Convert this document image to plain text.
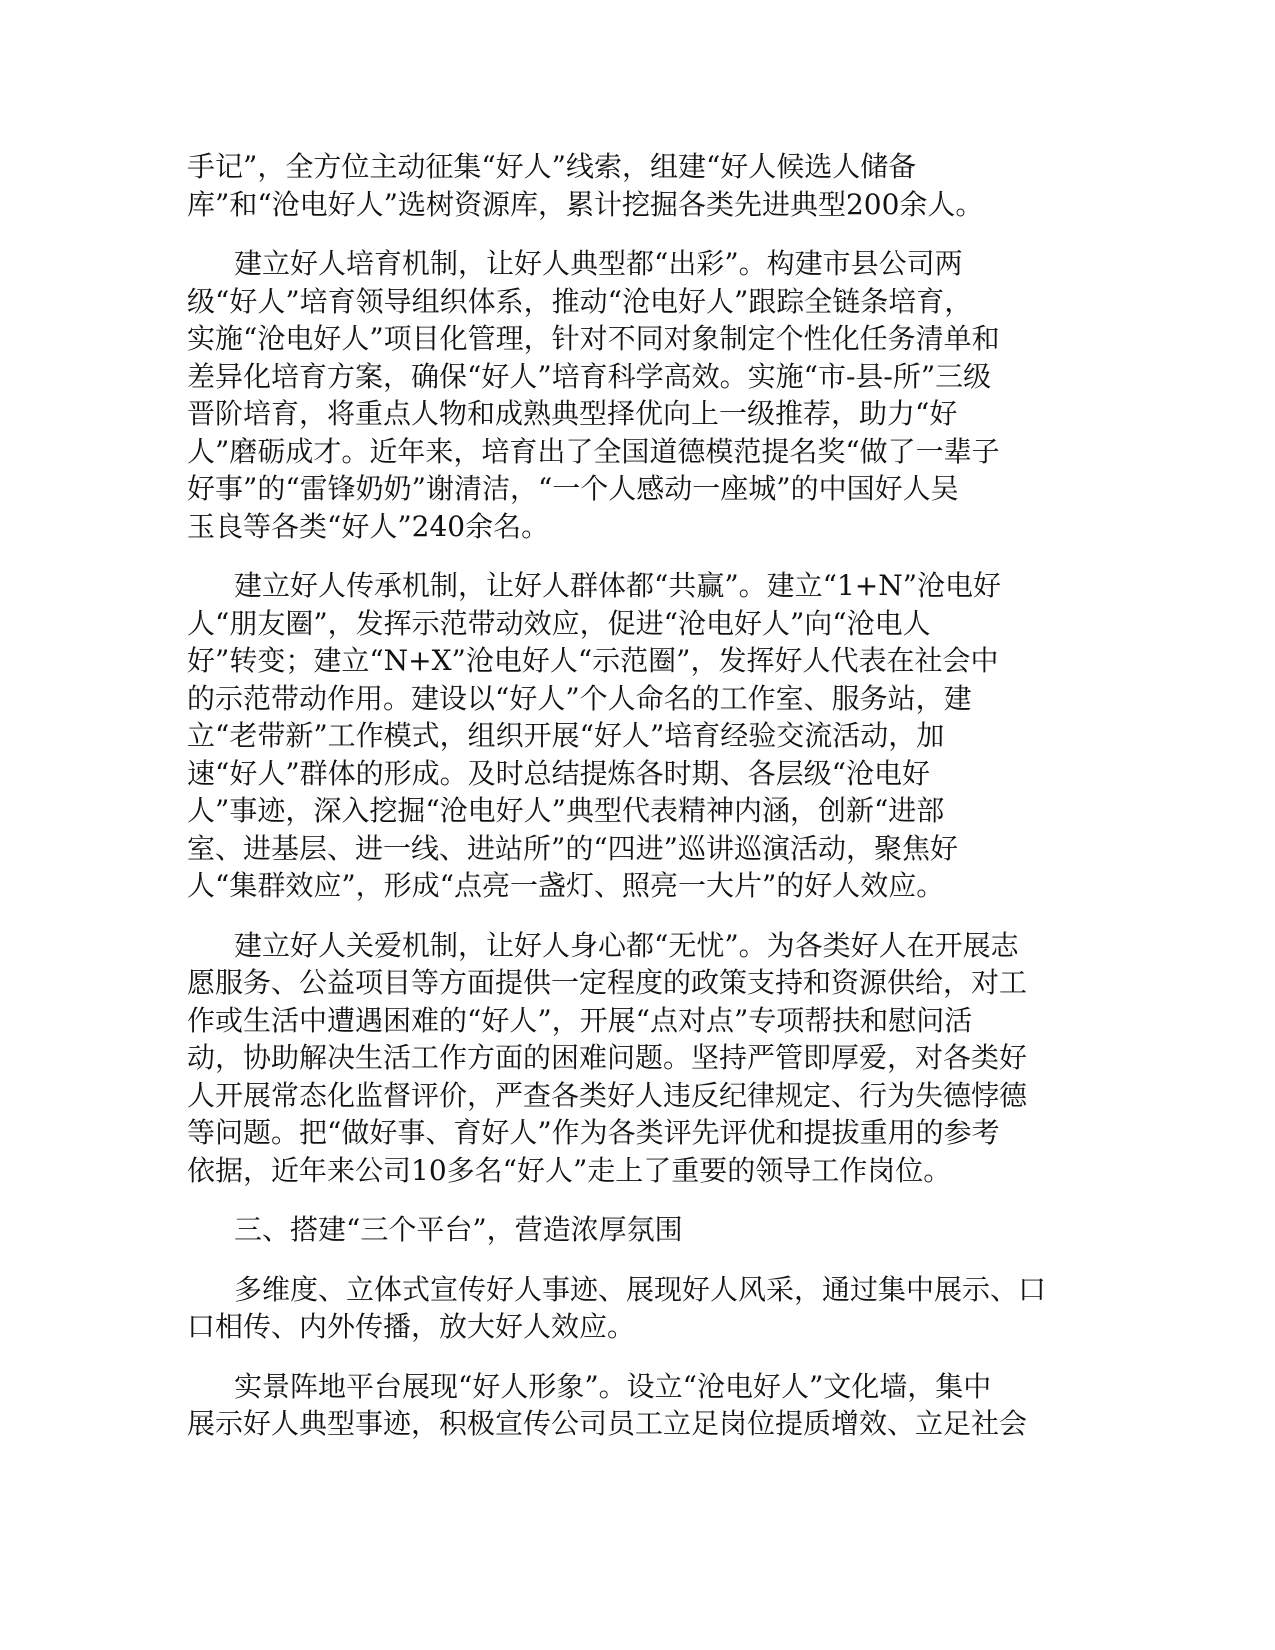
手记”，全方位主动征集“好人”线索，组建“好人候选人储备
库”和“沧电好人”选树资源库，累计挖掘各类先进典型200余人。

建立好人培育机制，让好人典型都“出彩”。构建市县公司两
级“好人”培育领导组织体系，推动“沧电好人”跟踪全链条培育，
实施“沧电好人”项目化管理，针对不同对象制定个性化任务清单和
差异化培育方案，确保“好人”培育科学高效。实施“市-县-所”三级
晋阶培育，将重点人物和成熟典型择优向上一级推荐，助力“好
人”磨砺成才。近年来，培育出了全国道德模范提名奖“做了一辈子
好事”的“雷锋奶奶”谢清洁，“一个人感动一座城”的中国好人吴
玉良等各类“好人”240余名。

建立好人传承机制，让好人群体都“共赢”。建立“1+N”沧电好
人“朋友圈”，发挥示范带动效应，促进“沧电好人”向“沧电人
好”转变；建立“N+X”沧电好人“示范圈”，发挥好人代表在社会中
的示范带动作用。建设以“好人”个人命名的工作室、服务站，建
立“老带新”工作模式，组织开展“好人”培育经验交流活动，加
速“好人”群体的形成。及时总结提炼各时期、各层级“沧电好
人”事迹，深入挖掘“沧电好人”典型代表精神内涵，创新“进部
室、进基层、进一线、进站所”的“四进”巡讲巡演活动，聚焦好
人“集群效应”，形成“点亮一盏灯、照亮一大片”的好人效应。

建立好人关爱机制，让好人身心都“无忧”。为各类好人在开展志
愿服务、公益项目等方面提供一定程度的政策支持和资源供给，对工
作或生活中遭遇困难的“好人”，开展“点对点”专项帮扶和慰问活
动，协助解决生活工作方面的困难问题。坚持严管即厚爱，对各类好
人开展常态化监督评价，严查各类好人违反纪律规定、行为失德悖德
等问题。把“做好事、育好人”作为各类评先评优和提拔重用的参考
依据，近年来公司10多名“好人”走上了重要的领导工作岗位。

三、搭建“三个平台”，营造浓厚氛围

多维度、立体式宣传好人事迹、展现好人风采，通过集中展示、口
口相传、内外传播，放大好人效应。

实景阵地平台展现“好人形象”。设立“沧电好人”文化墙，集中
展示好人典型事迹，积极宣传公司员工立足岗位提质增效、立足社会
